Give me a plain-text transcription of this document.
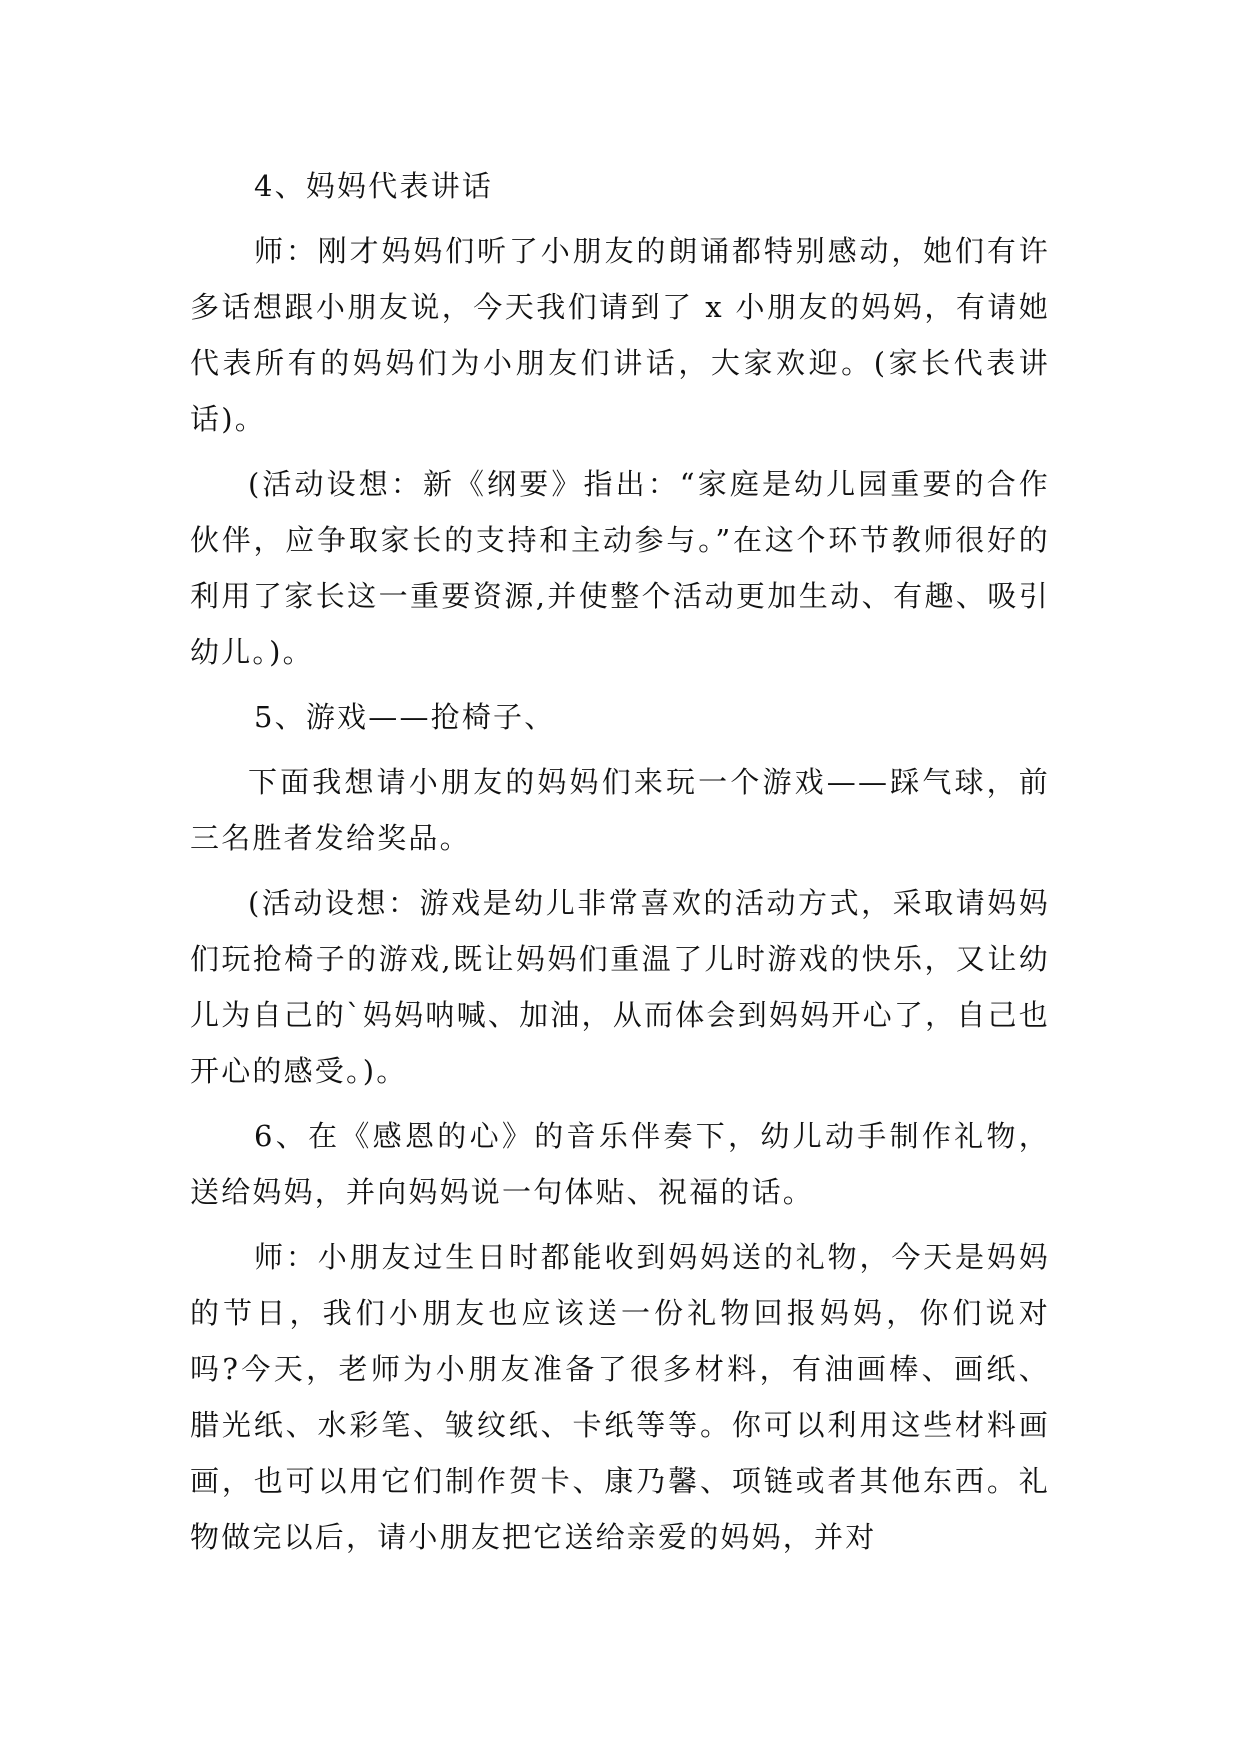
4、妈妈代表讲话

师：刚才妈妈们听了小朋友的朗诵都特别感动，她们有许多话想跟小朋友说，今天我们请到了 x 小朋友的妈妈，有请她代表所有的妈妈们为小朋友们讲话，大家欢迎。(家长代表讲话)。

(活动设想：新《纲要》指出：“家庭是幼儿园重要的合作伙伴，应争取家长的支持和主动参与。”在这个环节教师很好的利用了家长这一重要资源,并使整个活动更加生动、有趣、吸引幼儿。)。

5、游戏——抢椅子、

下面我想请小朋友的妈妈们来玩一个游戏——踩气球，前三名胜者发给奖品。

(活动设想：游戏是幼儿非常喜欢的活动方式，采取请妈妈们玩抢椅子的游戏,既让妈妈们重温了儿时游戏的快乐，又让幼儿为自己的`妈妈呐喊、加油，从而体会到妈妈开心了，自己也开心的感受。)。

6、在《感恩的心》的音乐伴奏下，幼儿动手制作礼物，送给妈妈，并向妈妈说一句体贴、祝福的话。

师：小朋友过生日时都能收到妈妈送的礼物，今天是妈妈的节日，我们小朋友也应该送一份礼物回报妈妈，你们说对吗?今天，老师为小朋友准备了很多材料，有油画棒、画纸、腊光纸、水彩笔、皱纹纸、卡纸等等。你可以利用这些材料画画，也可以用它们制作贺卡、康乃馨、项链或者其他东西。礼物做完以后，请小朋友把它送给亲爱的妈妈，并对
